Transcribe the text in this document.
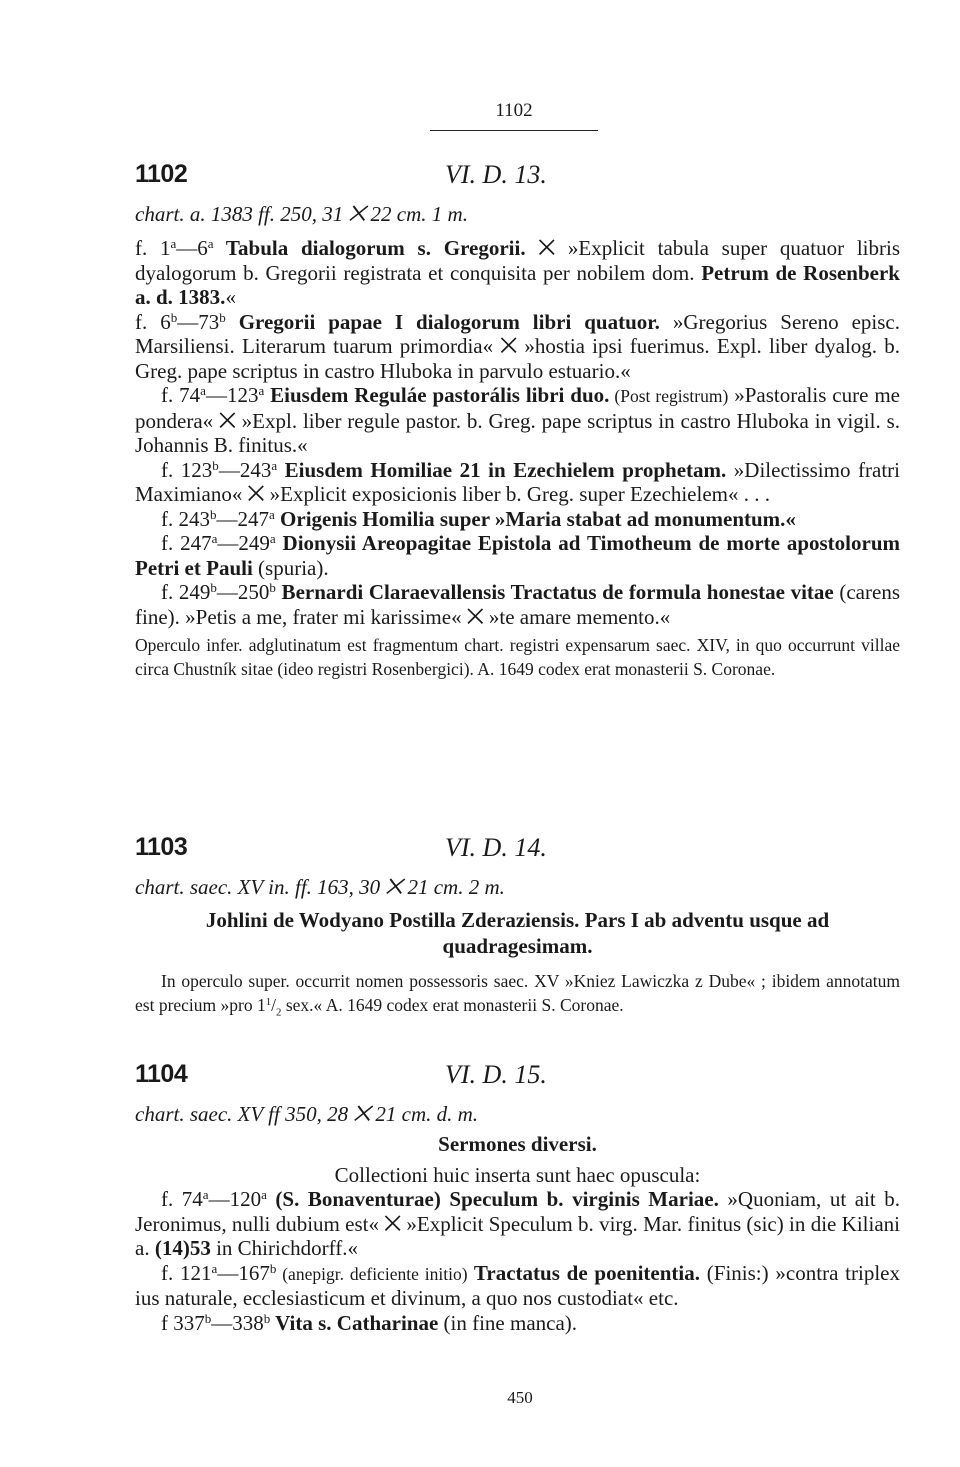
1102
1102	VI. D. 13.

chart. a. 1383 ff. 250, 31 ⨉ 22 cm. 1 m.

f. 1$^a$—6$^a$ Tabula dialogorum s. Gregorii. ⨉ »Explicit tabula super quatuor libris dyalogorum b. Gregorii registrata et conquisita per nobilem dom. Petrum de Rosenberk a. d. 1383.«

f. 6$^b$—73$^b$ Gregorii papae I dialogorum libri quatuor. »Gregorius Sereno episc. Marsiliensi. Literarum tuarum primordia« ⨉ »hostia ipsi fuerimus. Expl. liber dyalog. b. Greg. pape scriptus in castro Hluboka in parvulo estuario.«

f. 74$^a$—123$^a$ Eiusdem Reguláe pastorális libri duo. (Post registrum) »Pastoralis cure me pondera« ⨉ »Expl. liber regule pastor. b. Greg. pape scriptus in castro Hluboka in vigil. s. Johannis B. finitus.«

f. 123$^b$—243$^a$ Eiusdem Homiliae 21 in Ezechielem prophetam. »Dilectissimo fratri Maximiano« ⨉ »Explicit exposicionis liber b. Greg. super Ezechielem« . . .

f. 243$^b$—247$^a$ Origenis Homilia super »Maria stabat ad monumentum.«

f. 247$^a$—249$^a$ Dionysii Areopagitae Epistola ad Timotheum de morte apostolorum Petri et Pauli (spuria).

f. 249$^b$—250$^b$ Bernardi Claraevallensis Tractatus de formula honestae vitae (carens fine). »Petis a me, frater mi karissime« ⨉ »te amare memento.«

Operculo infer. adglutinatum est fragmentum chart. registri expensarum saec. XIV, in quo occurrunt villae circa Chustník sitae (ideo registri Rosenbergici). A. 1649 codex erat monasterii S. Coronae.

1103	VI. D. 14.

chart. saec. XV in. ff. 163, 30 ⨉ 21 cm. 2 m.

Johlini de Wodyano Postilla Zderaziensis. Pars I ab adventu usque ad quadragesimam.

In operculo super. occurrit nomen possessoris saec. XV »Kniez Lawiczka z Dube« ; ibidem annotatum est precium »pro $1^1/_2$ sex.« A. 1649 codex erat monasterii S. Coronae.

1104	VI. D. 15.

chart. saec. XV ff 350, 28 ⨉ 21 cm. d. m.

Sermones diversi.

Collectioni huic inserta sunt haec opuscula:

f. 74$^a$—120$^a$ (S. Bonaventurae) Speculum b. virginis Mariae. »Quoniam, ut ait b. Jeronimus, nulli dubium est« ⨉ »Explicit Speculum b. virg. Mar. finitus (sic) in die Kiliani a. (14)53 in Chirichdorff.«

f. 121$^a$—167$^b$ (anepigr. deficiente initio) Tractatus de poenitentia. (Finis:) »contra triplex ius naturale, ecclesiasticum et divinum, a quo nos custodiat« etc.

f 337$^b$—338$^b$ Vita s. Catharinae (in fine manca).

450
